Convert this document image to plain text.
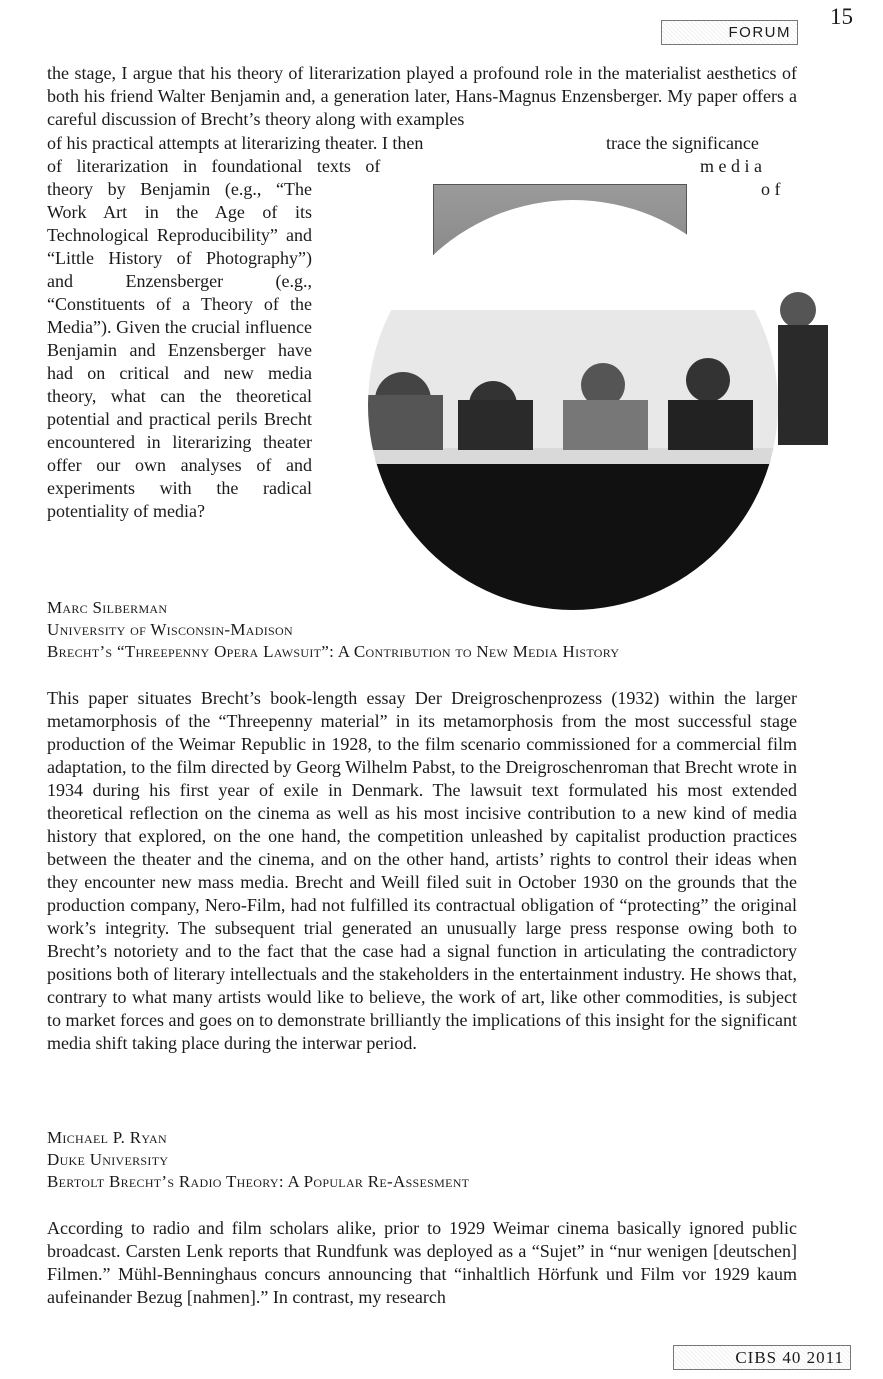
15
FORUM

the stage, I argue that his theory of literarization played a profound role in the materialist aesthetics of both his friend Walter Benjamin and, a generation later, Hans-Magnus Enzensberger. My paper offers a careful discussion of Brecht’s theory along with examples

of his practical attempts at literarizing theater. I then	trace the significance
of literarization in foundational texts of	m e d i a
o f
theory by Benjamin (e.g., “The Work Art in the Age of its Technological Reproducibility” and “Little History of Photography”) and Enzensberger (e.g., “Constituents of a Theory of the Media”). Given the crucial influence Benjamin and Enzensberger have had on critical and new media theory, what can the theoretical potential and practical perils Brecht encountered in literarizing theater offer our own analyses of and experiments with the radical potentiality of media?

Marc Silberman

University of Wisconsin-Madison

Brecht’s “Threepenny Opera Lawsuit”: A Contribution to New Media History

This paper situates Brecht’s book-length essay Der Dreigroschenprozess (1932) within the larger metamorphosis of the “Threepenny material” in its metamorphosis from the most successful stage production of the Weimar Republic in 1928, to the film scenario commissioned for a commercial film adaptation, to the film directed by Georg Wilhelm Pabst, to the Dreigroschenroman that Brecht wrote in 1934 during his first year of exile in Denmark. The lawsuit text formulated his most extended theoretical reflection on the cinema as well as his most incisive contribution to a new kind of media history that explored, on the one hand, the competition unleashed by capitalist production practices between the theater and the cinema, and on the other hand, artists’ rights to control their ideas when they encounter new mass media. Brecht and Weill filed suit in October 1930 on the grounds that the production company, Nero-Film, had not fulfilled its contractual obligation of “protecting” the original work’s integrity. The subsequent trial generated an unusually large press response owing both to Brecht’s notoriety and to the fact that the case had a signal function in articulating the contradictory positions both of literary intellectuals and the stakeholders in the entertainment industry. He shows that, contrary to what many artists would like to believe, the work of art, like other commodities, is subject to market forces and goes on to demonstrate brilliantly the implications of this insight for the significant media shift taking place during the interwar period.

Michael P. Ryan

Duke University

Bertolt Brecht’s Radio Theory: A Popular Re-Assesment

According to radio and film scholars alike, prior to 1929 Weimar cinema basically ignored public broadcast. Carsten Lenk reports that Rundfunk was deployed as a “Sujet” in “nur wenigen [deutschen] Filmen.” Mühl-Benninghaus concurs announcing that “inhaltlich Hörfunk und Film vor 1929 kaum aufeinander Bezug [nahmen].” In contrast, my research

CIBS 40 2011
